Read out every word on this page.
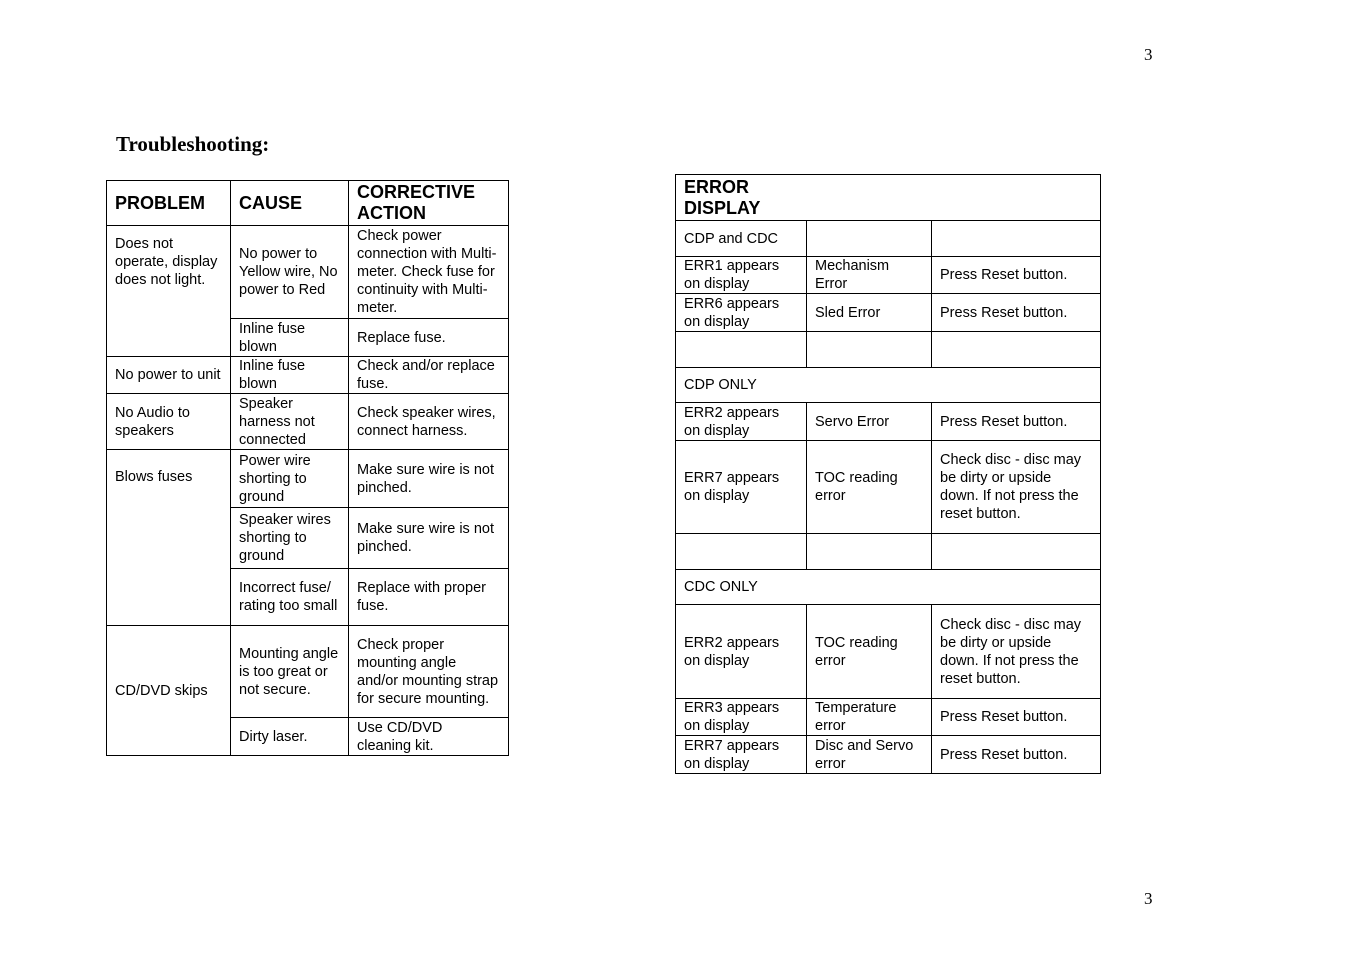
3
Troubleshooting:
PROBLEM	CAUSE	CORRECTIVE ACTION
Does not operate, display does not light.	No power to Yellow wire, No power to Red	Check power connection with Multi-meter. Check fuse for continuity with Multi-meter.
	Inline fuse blown	Replace fuse.
No power to unit	Inline fuse blown	Check and/or replace fuse.
No Audio to speakers	Speaker harness not connected	Check speaker wires, connect harness.
Blows fuses	Power wire shorting to ground	Make sure wire is not pinched.
	Speaker wires shorting to ground	Make sure wire is not pinched.
	Incorrect fuse/ rating too small	Replace with proper fuse.
CD/DVD skips	Mounting angle is too great or not secure.	Check proper mounting angle and/or mounting strap for secure mounting.
	Dirty laser.	Use CD/DVD cleaning kit.
ERROR DISPLAY		
CDP and CDC		
ERR1 appears on display	Mechanism Error	Press Reset button.
ERR6 appears on display	Sled Error	Press Reset button.

CDP ONLY		
ERR2 appears on display	Servo Error	Press Reset button.
ERR7 appears on display	TOC reading error	Check disc - disc may be dirty or upside down. If not press the reset button.

CDC ONLY		
ERR2 appears on display	TOC reading error	Check disc - disc may be dirty or upside down. If not press the reset button.
ERR3 appears on display	Temperature error	Press Reset button.
ERR7 appears on display	Disc and Servo error	Press Reset button.
3
